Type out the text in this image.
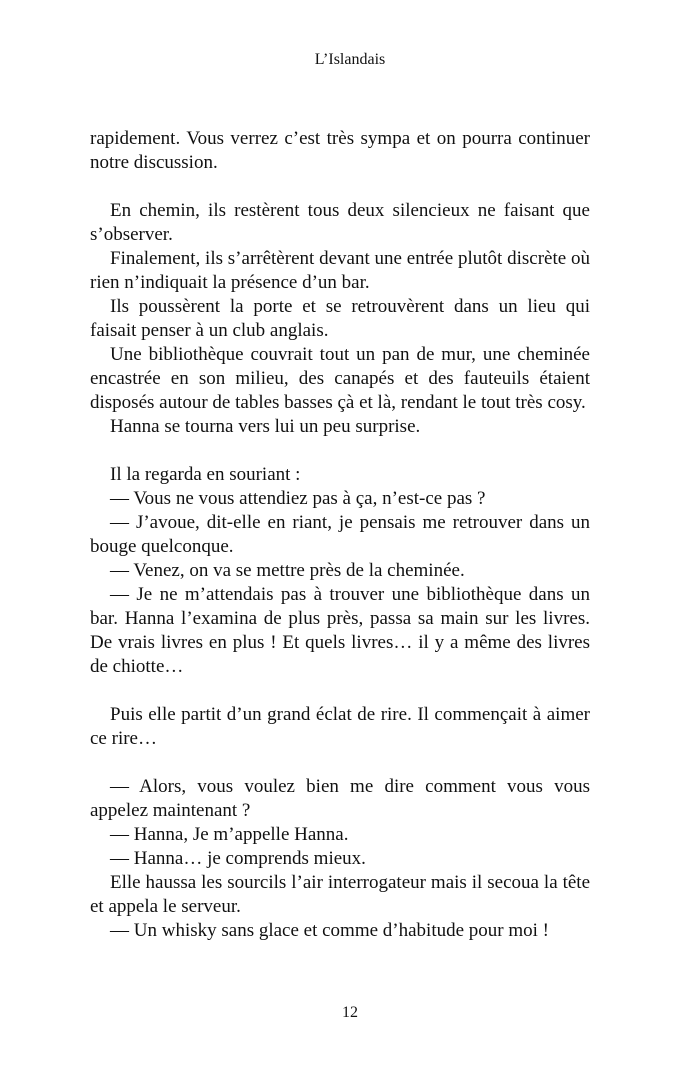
L’Islandais

rapidement. Vous verrez c’est très sympa et on pourra continuer notre discussion.

En chemin, ils restèrent tous deux silencieux ne faisant que s’observer.

Finalement, ils s’arrêtèrent devant une entrée plutôt discrète où rien n’indiquait la présence d’un bar.

Ils poussèrent la porte et se retrouvèrent dans un lieu qui faisait penser à un club anglais.

Une bibliothèque couvrait tout un pan de mur, une cheminée encastrée en son milieu, des canapés et des fauteuils étaient disposés autour de tables basses çà et là, rendant le tout très cosy.

Hanna se tourna vers lui un peu surprise.

Il la regarda en souriant :

— Vous ne vous attendiez pas à ça, n’est-ce pas ?

— J’avoue, dit-elle en riant, je pensais me retrouver dans un bouge quelconque.

— Venez, on va se mettre près de la cheminée.

— Je ne m’attendais pas à trouver une bibliothèque dans un bar. Hanna l’examina de plus près, passa sa main sur les livres. De vrais livres en plus ! Et quels livres… il y a même des livres de chiotte…

Puis elle partit d’un grand éclat de rire. Il commençait à aimer ce rire…

— Alors, vous voulez bien me dire comment vous vous appelez maintenant ?

— Hanna, Je m’appelle Hanna.

— Hanna… je comprends mieux.

Elle haussa les sourcils l’air interrogateur mais il secoua la tête et appela le serveur.

— Un whisky sans glace et comme d’habitude pour moi !

12
